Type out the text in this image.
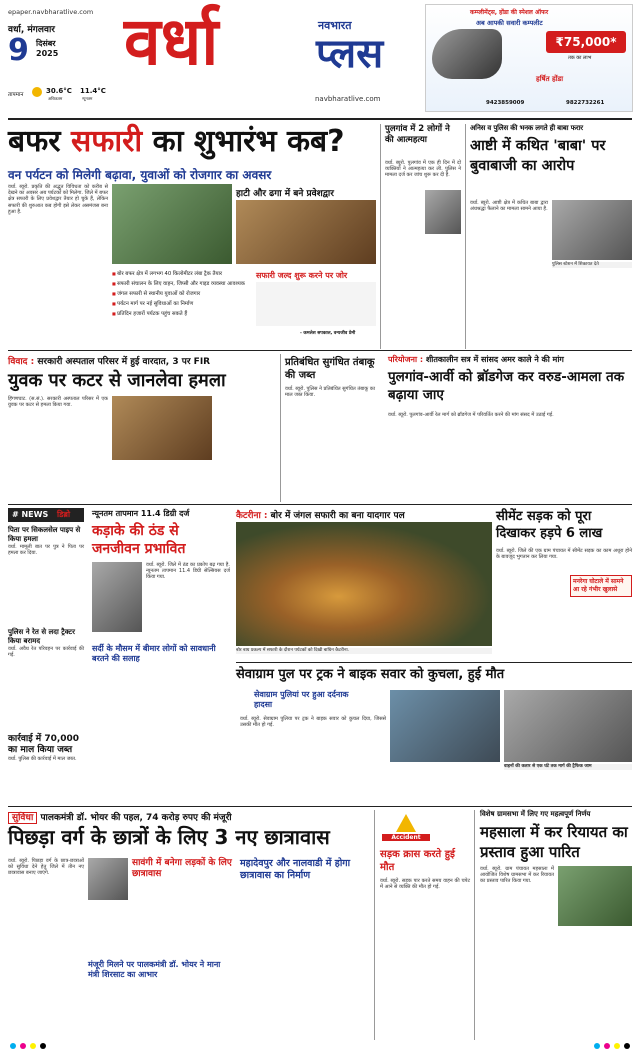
epaper.navbharatlive.com
वर्धा, मंगलवार
9 दिसंबर
2025
तापमान	30.6°C
अधिकतम
11.4°C
न्यूनतम
वर्धा	नवभारत
प्लस
navbharatlive.com
कम्प्लीमेंट्स, होंडा की स्पेशल ऑफर
अब आपकी सवारी कम्पलीट
₹75,000*
तक का लाभ
हर्षित होंडा
9423859009	9822732261
बफर सफारी का शुभारंभ कब?
वन पर्यटन को मिलेगी बढ़ावा, युवाओं को रोजगार का अवसर
वर्धा. ब्यूरो. प्रकृति की अद्भुत विविधता को करीब से देखने का अवसर अब पर्यटकों को मिलेगा. जिले में बफर क्षेत्र सफारी के लिए प्रवेशद्वार तैयार हो चुके हैं, लेकिन सफारी की शुरुआत कब होगी इसे लेकर असमंजस बना हुआ है.
हाटी और ढगा में बने प्रवेशद्वार
■ बोर बफर क्षेत्र में लगभग 40 किलोमीटर लंबा ट्रैक तैयार
■ सफारी संचालन के लिए वाहन, जिप्सी और गाइड व्यवस्था आवश्यक
■ जंगल सफारी से स्थानीय युवाओं को रोजगार
■ पर्यटन मार्ग पर नई सुविधाओं का निर्माण
■ प्रतिदिन हजारों पर्यटक पहुंच सकते हैं
सफारी जल्द शुरू करने पर जोर
- कमलेश सपकाल, वन्यजीव प्रेमी
पुलगांव में 2 लोगों ने की आत्महत्या
वर्धा. ब्यूरो. पुलगांव में एक ही दिन में दो व्यक्तियों ने आत्महत्या कर ली. पुलिस ने मामला दर्ज कर जांच शुरू कर दी है.
अनिस व पुलिस की भनक लगते ही बाबा फरार
आष्टी में कथित 'बाबा' पर बुवाबाजी का आरोप
वर्धा. ब्यूरो. आष्टी क्षेत्र में कथित बाबा द्वारा अंधश्रद्धा फैलाने का मामला सामने आया है.
पुलिस स्टेशन में शिकायत देते
विवाद : सरकारी अस्पताल परिसर में हुई वारदात, 3 पर FIR
युवक पर कटर से जानलेवा हमला
हिंगणघाट. (स.सं.). सरकारी अस्पताल परिसर में एक युवक पर कटर से हमला किया गया.
प्रतिबंधित सुगंधित तंबाकू की जब्त
वर्धा. ब्यूरो. पुलिस ने प्रतिबंधित सुगंधित तंबाकू का माल जब्त किया.
परियोजना : शीतकालीन सत्र में सांसद अमर काले ने की मांग
पुलगांव-आर्वी को ब्रॉडगेज कर वरुड-आमला तक बढ़ाया जाए
वर्धा. ब्यूरो. पुलगांव-आर्वी रेल मार्ग को ब्रॉडगेज में परिवर्तित करने की मांग संसद में उठाई गई.
# NEWS डिब्रो
पिता पर सिकलसेल पाइप से किया हमला
वर्धा. मामूली बात पर पुत्र ने पिता पर हमला कर दिया.
पुलिस ने रेत से लदा ट्रैक्टर किया बरामद
वर्धा. अवैध रेत परिवहन पर कार्रवाई की गई.
कार्रवाई में 70,000 का माल किया जब्त
वर्धा. पुलिस की कार्रवाई में माल जब्त.
न्यूनतम तापमान 11.4 डिग्री दर्ज
कड़ाके की ठंड से जनजीवन प्रभावित
वर्धा. ब्यूरो. जिले में ठंड का प्रकोप बढ़ गया है. न्यूनतम तापमान 11.4 डिग्री सेल्सियस दर्ज किया गया.
सर्दी के मौसम में बीमार लोगों को सावधानी बरतने की सलाह
कैटरीना : बोर में जंगल सफारी का बना यादगार पल
बोर बाघ प्रकल्प में सफारी के दौरान पर्यटकों को दिखी बाघिन कैटरीना.
सीमेंट सड़क को पूरा दिखाकर हड़पे 6 लाख
वर्धा. ब्यूरो. जिले की एक ग्राम पंचायत में सीमेंट सड़क का काम अधूरा होने के बावजूद भुगतान कर लिया गया.
मनरेगा घोटाले में सामने आ रहे गंभीर खुलासे
सेवाग्राम पुल पर ट्रक ने बाइक सवार को कुचला, हुई मौत
सेवाग्राम पुलियां पर हुआ दर्दनाक हादसा
वर्धा. ब्यूरो. सेवाग्राम पुलिया पर ट्रक ने बाइक सवार को कुचल दिया, जिससे उसकी मौत हो गई.
वाहनों की कतार से एक घंटे तक मार्ग की ट्रैफिक जाम
सुविधा पालकमंत्री डॉ. भोयर की पहल, 74 करोड़ रुपए की मंजूरी
पिछड़ा वर्ग के छात्रों के लिए 3 नए छात्रावास
वर्धा. ब्यूरो. पिछड़ा वर्ग के छात्र-छात्राओं को सुविधा देने हेतु जिले में तीन नए छात्रावास बनाए जाएंगे.
सावंगी में बनेगा लड़कों के लिए छात्रावास
मंजूरी मिलने पर पालकमंत्री डॉ. भोयर ने माना मंत्री शिरसाट का आभार
महादेवपुर और नालवाडी में होगा छात्रावास का निर्माण
Accident
सड़क क्रास करते हुई मौत
वर्धा. ब्यूरो. सड़क पार करते समय वाहन की चपेट में आने से व्यक्ति की मौत हो गई.
विशेष ग्रामसभा में लिए गए महत्वपूर्ण निर्णय
महसाला में कर रियायत का प्रस्ताव हुआ पारित
वर्धा. ब्यूरो. ग्राम पंचायत महसाला में आयोजित विशेष ग्रामसभा में कर रियायत का प्रस्ताव पारित किया गया.
